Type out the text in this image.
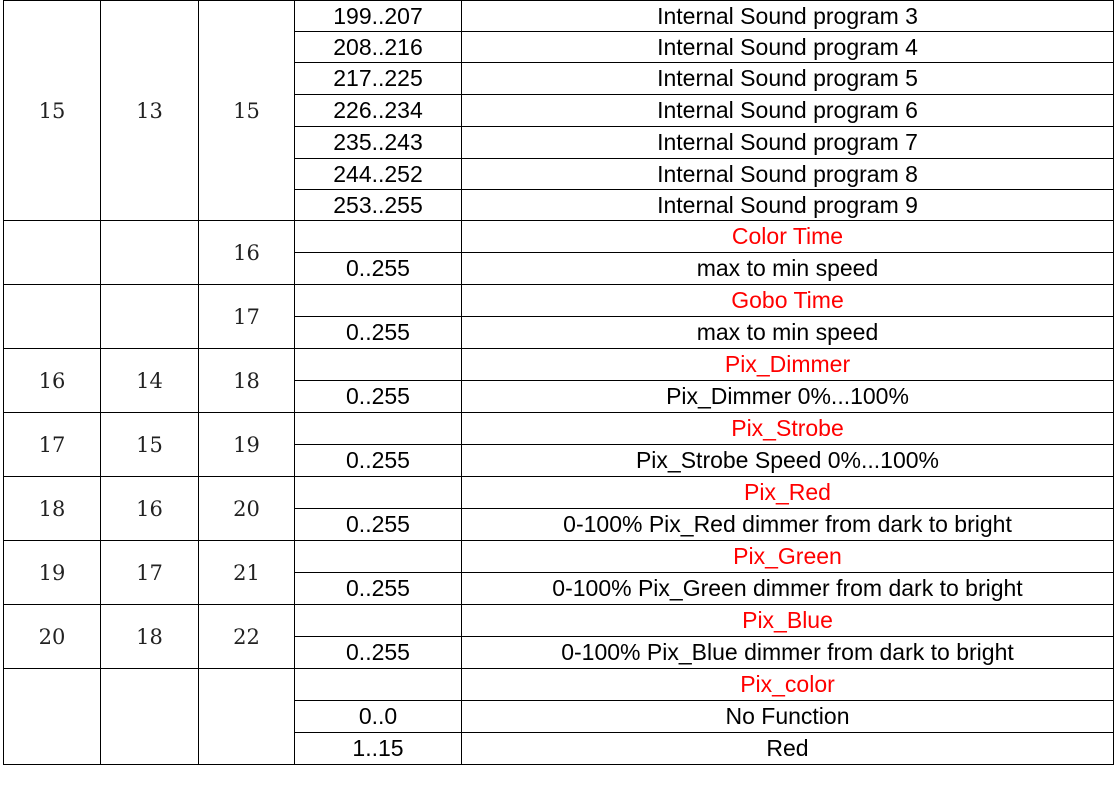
15	13	15	199..207	Internal Sound program 3
			208..216	Internal Sound program 4
			217..225	Internal Sound program 5
			226..234	Internal Sound program 6
			235..243	Internal Sound program 7
			244..252	Internal Sound program 8
			253..255	Internal Sound program 9
		16		Color Time
			0..255	max to min speed
		17		Gobo Time
			0..255	max to min speed
16	14	18		Pix_Dimmer
			0..255	Pix_Dimmer 0%...100%
17	15	19		Pix_Strobe
			0..255	Pix_Strobe Speed 0%...100%
18	16	20		Pix_Red
			0..255	0-100% Pix_Red dimmer from dark to bright
19	17	21		Pix_Green
			0..255	0-100% Pix_Green dimmer from dark to bright
20	18	22		Pix_Blue
			0..255	0-100% Pix_Blue dimmer from dark to bright
				Pix_color
			0..0	No Function
			1..15	Red
